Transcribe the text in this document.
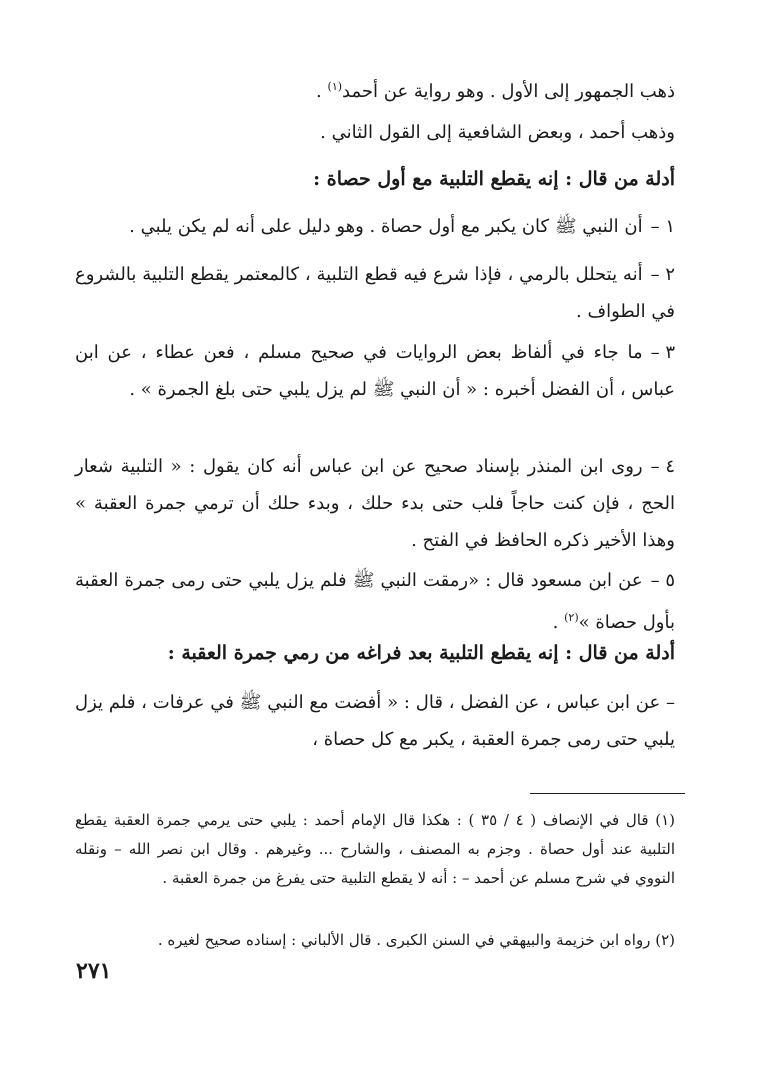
ذهب الجمهور إلى الأول . وهو رواية عن أحمد$^{(١)}$ .
وذهب أحمد ، وبعض الشافعية إلى القول الثاني .
أدلة من قال : إنه يقطع التلبية مع أول حصاة :
١ –أن النبي ﷺ كان يكبر مع أول حصاة . وهو دليل على أنه لم يكن يلبي .
٢ –أنه يتحلل بالرمي ، فإذا شرع فيه قطع التلبية ، كالمعتمر يقطع التلبية بالشروع في الطواف .
٣ –ما جاء في ألفاظ بعض الروايات في صحيح مسلم ، فعن عطاء ، عن ابن عباس ، أن الفضل أخبره : « أن النبي ﷺ لم يزل يلبي حتى بلغ الجمرة » .
٤ –روى ابن المنذر بإسناد صحيح عن ابن عباس أنه كان يقول : « التلبية شعار الحج ، فإن كنت حاجاً فلب حتى بدء حلك ، وبدء حلك أن ترمي جمرة العقبة » وهذا الأخير ذكره الحافظ في الفتح .
٥ –عن ابن مسعود قال : «رمقت النبي ﷺ فلم يزل يلبي حتى رمى جمرة العقبة بأول حصاة »$^{(٢)}$ .
أدلة من قال : إنه يقطع التلبية بعد فراغه من رمي جمرة العقبة :
– عن ابن عباس ، عن الفضل ، قال : « أفضت مع النبي ﷺ في عرفات ، فلم يزل يلبي حتى رمى جمرة العقبة ، يكبر مع كل حصاة ،
(١) قال في الإنصاف ( ٤ / ٣٥ ) : هكذا قال الإمام أحمد : يلبي حتى يرمي جمرة العقبة يقطع التلبية عند أول حصاة . وجزم به المصنف ، والشارح ... وغيرهم . وقال ابن نصر الله – ونقله النووي في شرح مسلم عن أحمد – : أنه لا يقطع التلبية حتى يفرغ من جمرة العقبة .
(٢) رواه ابن خزيمة والبيهقي في السنن الكبرى . قال الألباني : إسناده صحيح لغيره .
٢٧١
